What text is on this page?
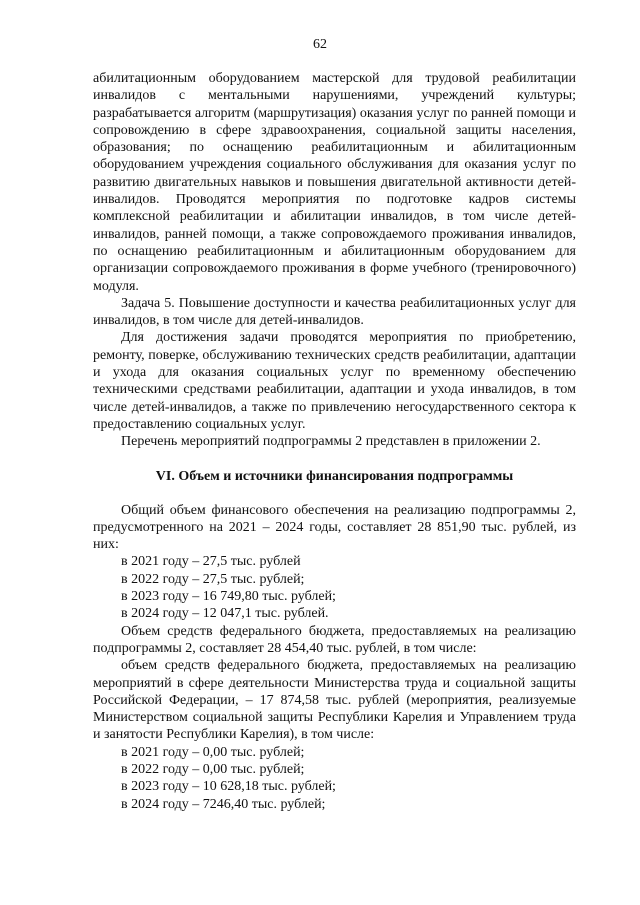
62

абилитационным оборудованием мастерской для трудовой реабилитации инвалидов с ментальными нарушениями, учреждений культуры; разрабатывается алгоритм (маршрутизация) оказания услуг по ранней помощи и сопровождению в сфере здравоохранения, социальной защиты населения, образования; по оснащению реабилитационным и абилитационным оборудованием учреждения социального обслуживания для оказания услуг по развитию двигательных навыков и повышения двигательной активности детей-инвалидов. Проводятся мероприятия по подготовке кадров системы комплексной реабилитации и абилитации инвалидов, в том числе детей-инвалидов, ранней помощи, а также сопровождаемого проживания инвалидов, по оснащению реабилитационным и абилитационным оборудованием для организации сопровождаемого проживания в форме учебного (тренировочного) модуля.

Задача 5. Повышение доступности и качества реабилитационных услуг для инвалидов, в том числе для детей-инвалидов.

Для достижения задачи проводятся мероприятия по приобретению, ремонту, поверке, обслуживанию технических средств реабилитации, адаптации и ухода для оказания социальных услуг по временному обеспечению техническими средствами реабилитации, адаптации и ухода инвалидов, в том числе детей-инвалидов, а также по привлечению негосударственного сектора к предоставлению социальных услуг.

Перечень мероприятий подпрограммы 2 представлен в приложении 2.

VI. Объем и источники финансирования подпрограммы

Общий объем финансового обеспечения на реализацию подпрограммы 2, предусмотренного на 2021 – 2024 годы, составляет 28 851,90 тыс. рублей, из них:

в 2021 году – 27,5 тыс. рублей
в 2022 году – 27,5 тыс. рублей;
в 2023 году – 16 749,80 тыс. рублей;
в 2024 году – 12 047,1 тыс. рублей.

Объем средств федерального бюджета, предоставляемых на реализацию подпрограммы 2, составляет 28 454,40 тыс. рублей, в том числе:

объем средств федерального бюджета, предоставляемых на реализацию мероприятий в сфере деятельности Министерства труда и социальной защиты Российской Федерации, – 17 874,58 тыс. рублей (мероприятия, реализуемые Министерством социальной защиты Республики Карелия и Управлением труда и занятости Республики Карелия), в том числе:

в 2021 году – 0,00 тыс. рублей;
в 2022 году – 0,00 тыс. рублей;
в 2023 году – 10 628,18 тыс. рублей;
в 2024 году – 7246,40 тыс. рублей;
